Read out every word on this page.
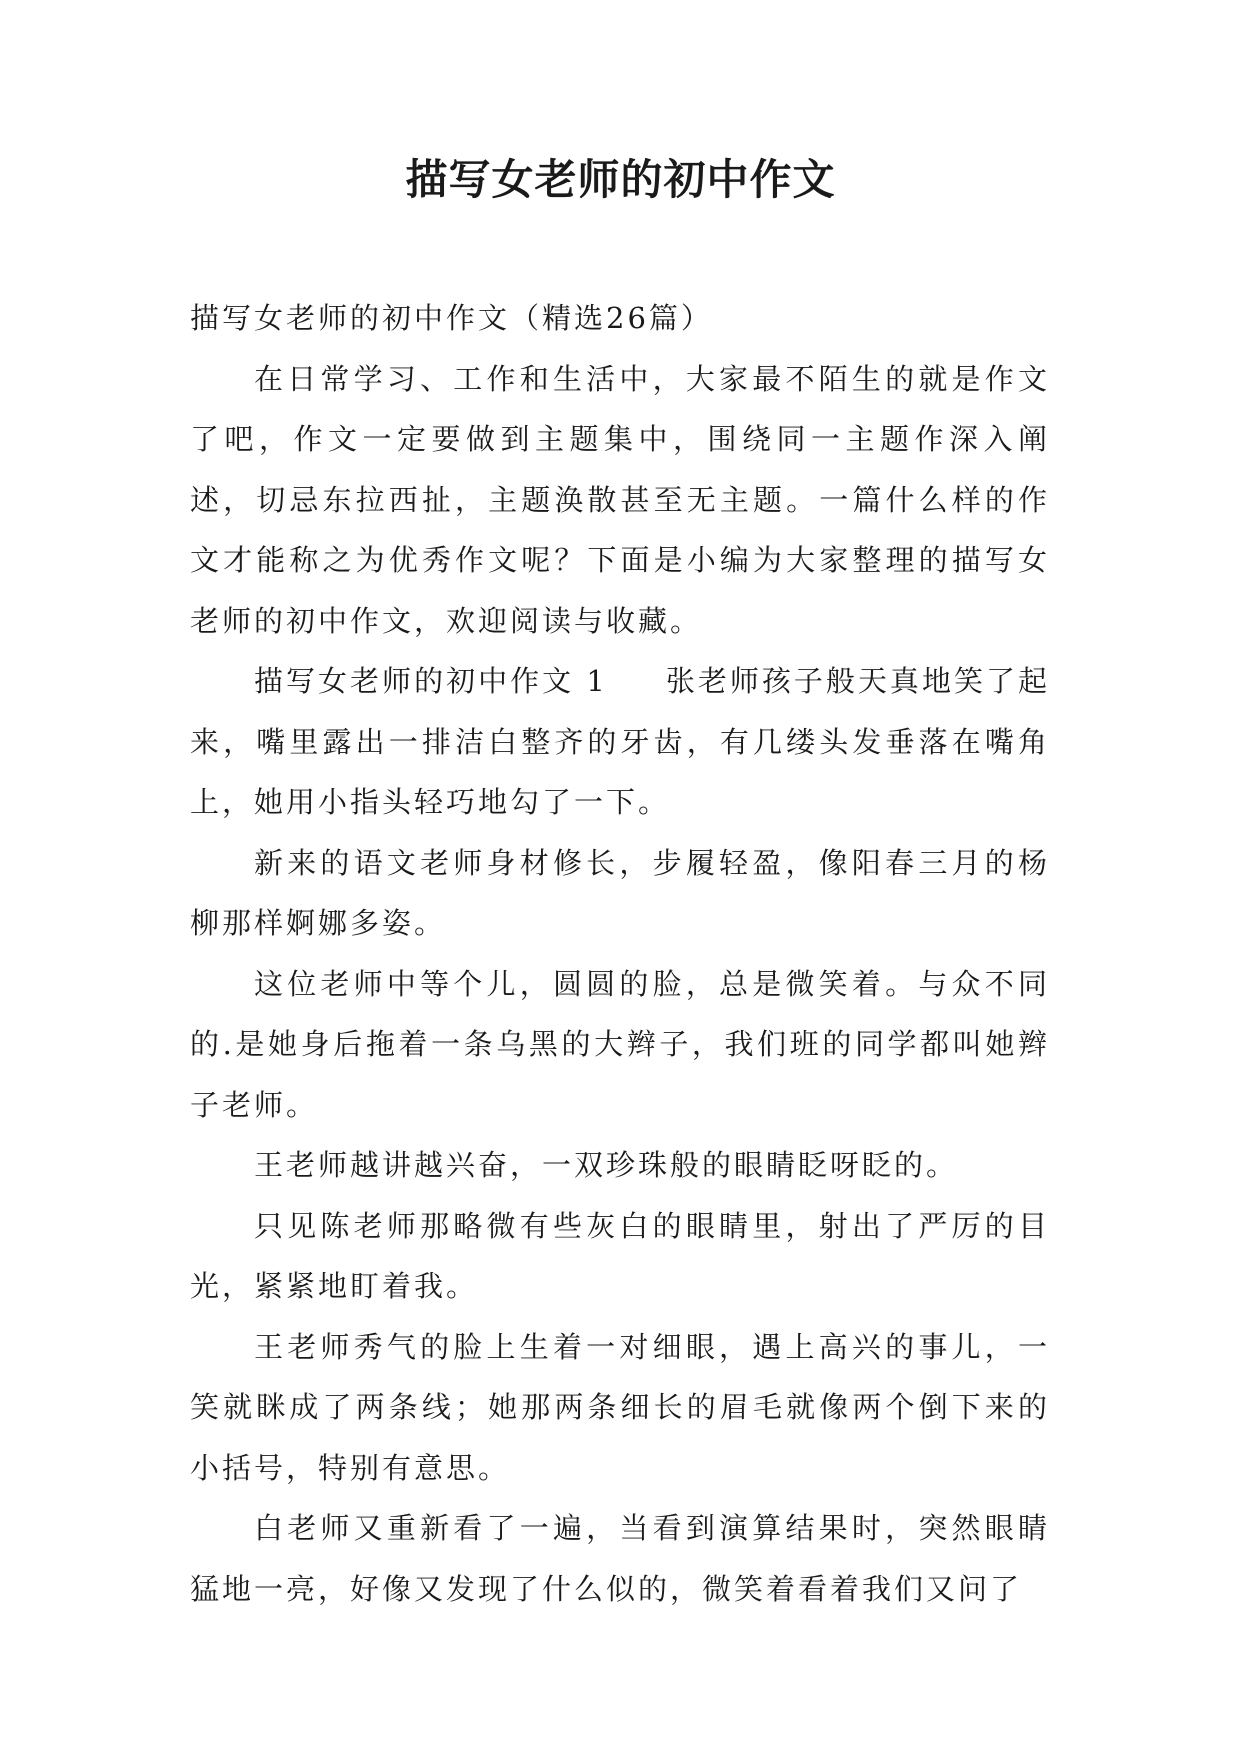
描写女老师的初中作文

描写女老师的初中作文（精选26篇）

在日常学习、工作和生活中，大家最不陌生的就是作文了吧，作文一定要做到主题集中，围绕同一主题作深入阐述，切忌东拉西扯，主题涣散甚至无主题。一篇什么样的作文才能称之为优秀作文呢？下面是小编为大家整理的描写女老师的初中作文，欢迎阅读与收藏。

描写女老师的初中作文 1 张老师孩子般天真地笑了起来，嘴里露出一排洁白整齐的牙齿，有几缕头发垂落在嘴角上，她用小指头轻巧地勾了一下。

新来的语文老师身材修长，步履轻盈，像阳春三月的杨柳那样婀娜多姿。

这位老师中等个儿，圆圆的脸，总是微笑着。与众不同的.是她身后拖着一条乌黑的大辫子，我们班的同学都叫她辫子老师。

王老师越讲越兴奋，一双珍珠般的眼睛眨呀眨的。

只见陈老师那略微有些灰白的眼睛里，射出了严厉的目光，紧紧地盯着我。

王老师秀气的脸上生着一对细眼，遇上高兴的事儿，一笑就眯成了两条线；她那两条细长的眉毛就像两个倒下来的小括号，特别有意思。

白老师又重新看了一遍，当看到演算结果时，突然眼睛猛地一亮，好像又发现了什么似的，微笑着看着我们又问了
